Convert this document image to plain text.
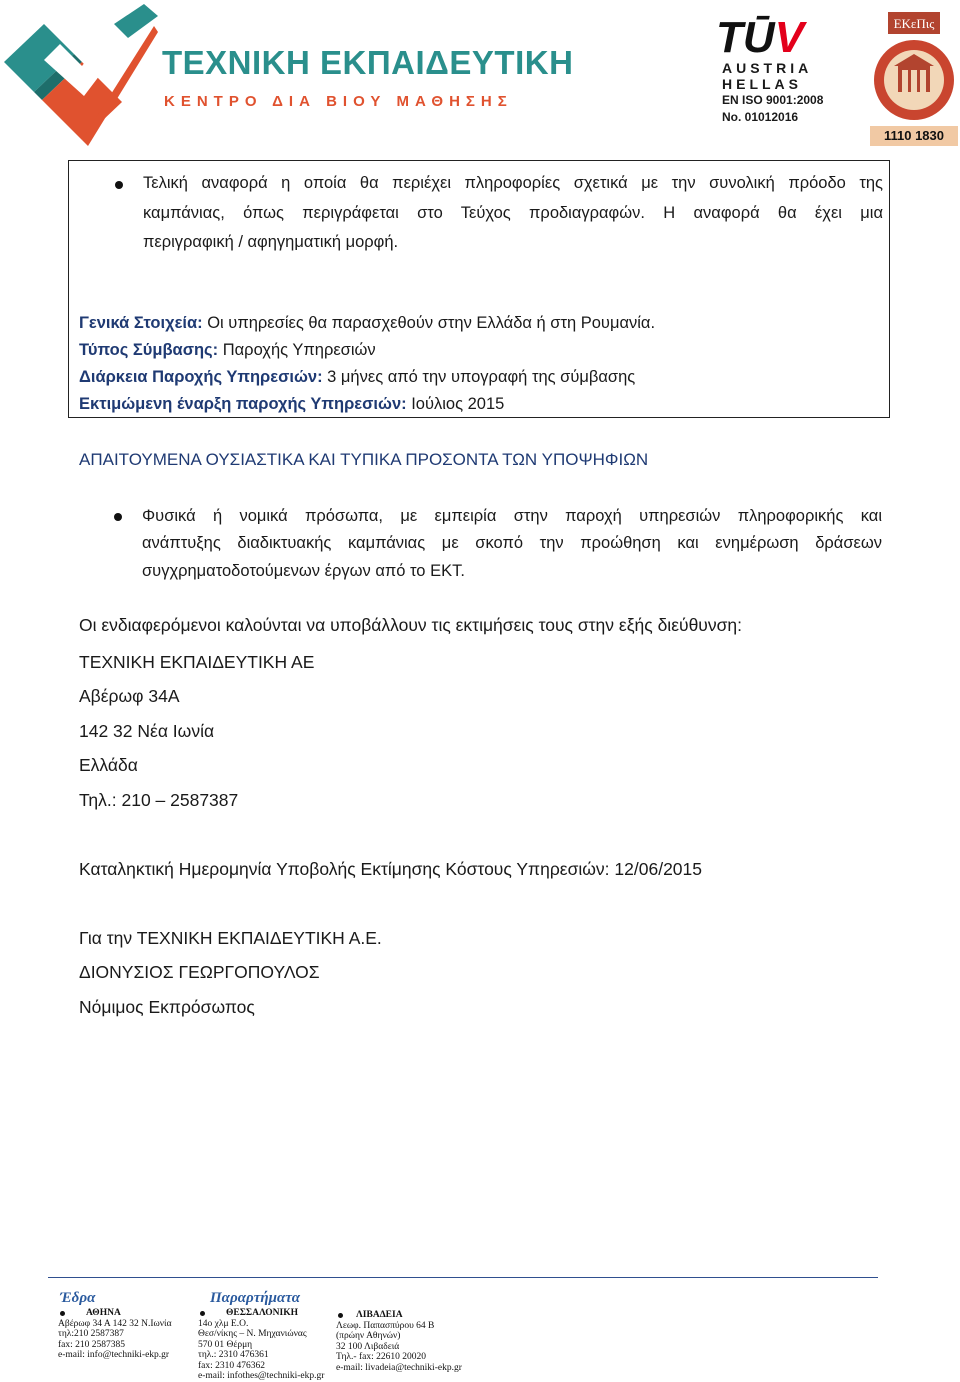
ΤΕΧΝΙΚΗ ΕΚΠΑΙΔΕΥΤΙΚΗ
ΚΕΝΤΡΟ ΔΙΑ ΒΙΟΥ ΜΑΘΗΣΗΣ
TŪV
AUSTRIA
HELLAS
EN ISO 9001:2008
No. 01012016
ΕΚεΠις
1110 1830
Τελική αναφορά η οποία θα περιέχει πληροφορίες σχετικά με την συνολική πρόοδο της
καμπάνιας, όπως περιγράφεται στο Τεύχος προδιαγραφών. Η αναφορά θα έχει μια
περιγραφική / αφηγηματική μορφή.
Γενικά Στοιχεία: Οι υπηρεσίες θα παρασχεθούν στην Ελλάδα ή στη Ρουμανία.
Τύπος Σύμβασης: Παροχής Υπηρεσιών
Διάρκεια Παροχής Υπηρεσιών: 3 μήνες από την υπογραφή της σύμβασης
Εκτιμώμενη έναρξη παροχής Υπηρεσιών: Ιούλιος 2015
ΑΠΑΙΤΟΥΜΕΝΑ ΟΥΣΙΑΣΤΙΚΑ ΚΑΙ ΤΥΠΙΚΑ ΠΡΟΣΟΝΤΑ ΤΩΝ ΥΠΟΨΗΦΙΩΝ
Φυσικά ή νομικά πρόσωπα, με εμπειρία στην παροχή υπηρεσιών πληροφορικής και
ανάπτυξης διαδικτυακής καμπάνιας με σκοπό την προώθηση και ενημέρωση δράσεων
συγχρηματοδοτούμενων έργων από το ΕΚΤ.
Οι ενδιαφερόμενοι καλούνται να υποβάλλουν τις εκτιμήσεις τους στην εξής διεύθυνση:
ΤΕΧΝΙΚΗ ΕΚΠΑΙΔΕΥΤΙΚΗ ΑΕ
Αβέρωφ 34Α
142 32 Νέα Ιωνία
Ελλάδα
Τηλ.: 210 – 2587387
Καταληκτική Ημερομηνία Υποβολής Εκτίμησης Κόστους Υπηρεσιών: 12/06/2015
Για την ΤΕΧΝΙΚΗ ΕΚΠΑΙΔΕΥΤΙΚΗ Α.Ε.
ΔΙΟΝΥΣΙΟΣ ΓΕΩΡΓΟΠΟΥΛΟΣ
Νόμιμος Εκπρόσωπος
Έδρα	Παραρτήματα
ΑΘΗΝΑ
Αβέρωφ 34 Α 142 32 Ν.Ιωνία
τηλ:210 2587387
fax: 210 2587385
e-mail: info@techniki-ekp.gr
ΘΕΣΣΑΛΟΝΙΚΗ
14ο χλμ Ε.Ο.
Θεσ/νίκης – Ν. Μηχανιώνας
570 01 Θέρμη
τηλ.: 2310 476361
fax: 2310 476362
e-mail: infothes@techniki-ekp.gr
ΛΙΒΑΔΕΙΑ
Λεωφ. Παπασπύρου 64 Β
(πρώην Αθηνών)
32 100 Λιβαδειά
Τηλ.- fax: 22610 20020
e-mail: livadeia@techniki-ekp.gr
